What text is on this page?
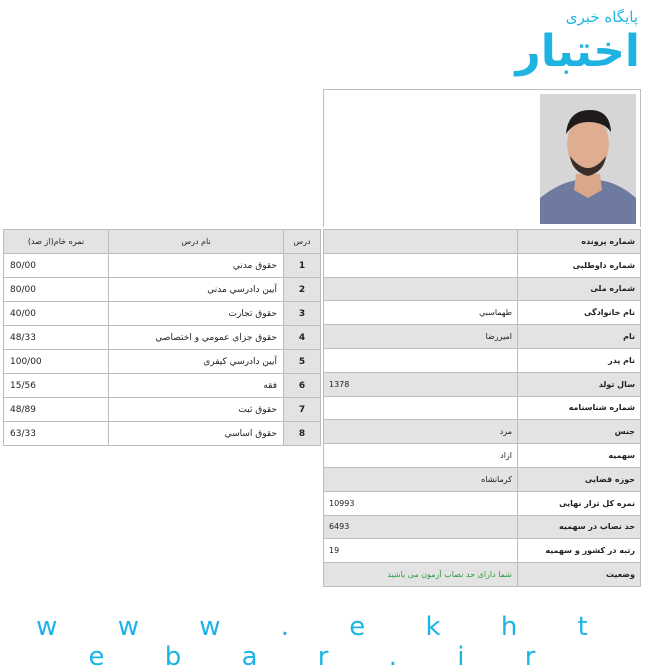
پایگاه خبری
اختبار
شماره پرونده	
شماره داوطلبی	
شماره ملی	
نام خانوادگی	طهماسبي
نام	اميررضا
نام پدر	
سال تولد	1378
شماره شناسنامه	
جنس	مرد
سهمیه	ازاد
حوزه قضایی	کرمانشاه
نمره کل تراز نهایی	10993
حد نصاب در سهمیه	6493
رتبه در کشور و سهمیه	19
وضعیت	شما دارای حد نصاب آزمون می باشید
درس	نام درس	نمره خام(از صد)
1	حقوق مدني	80/00
2	آيين دادرسي مدني	80/00
3	حقوق تجارت	40/00
4	حقوق جزاي عمومي و اختصاصي	48/33
5	آيين دادرسي كيفري	100/00
6	فقه	15/56
7	حقوق ثبت	48/89
8	حقوق اساسي	63/33
w w w . e k h t e b a r . i r
